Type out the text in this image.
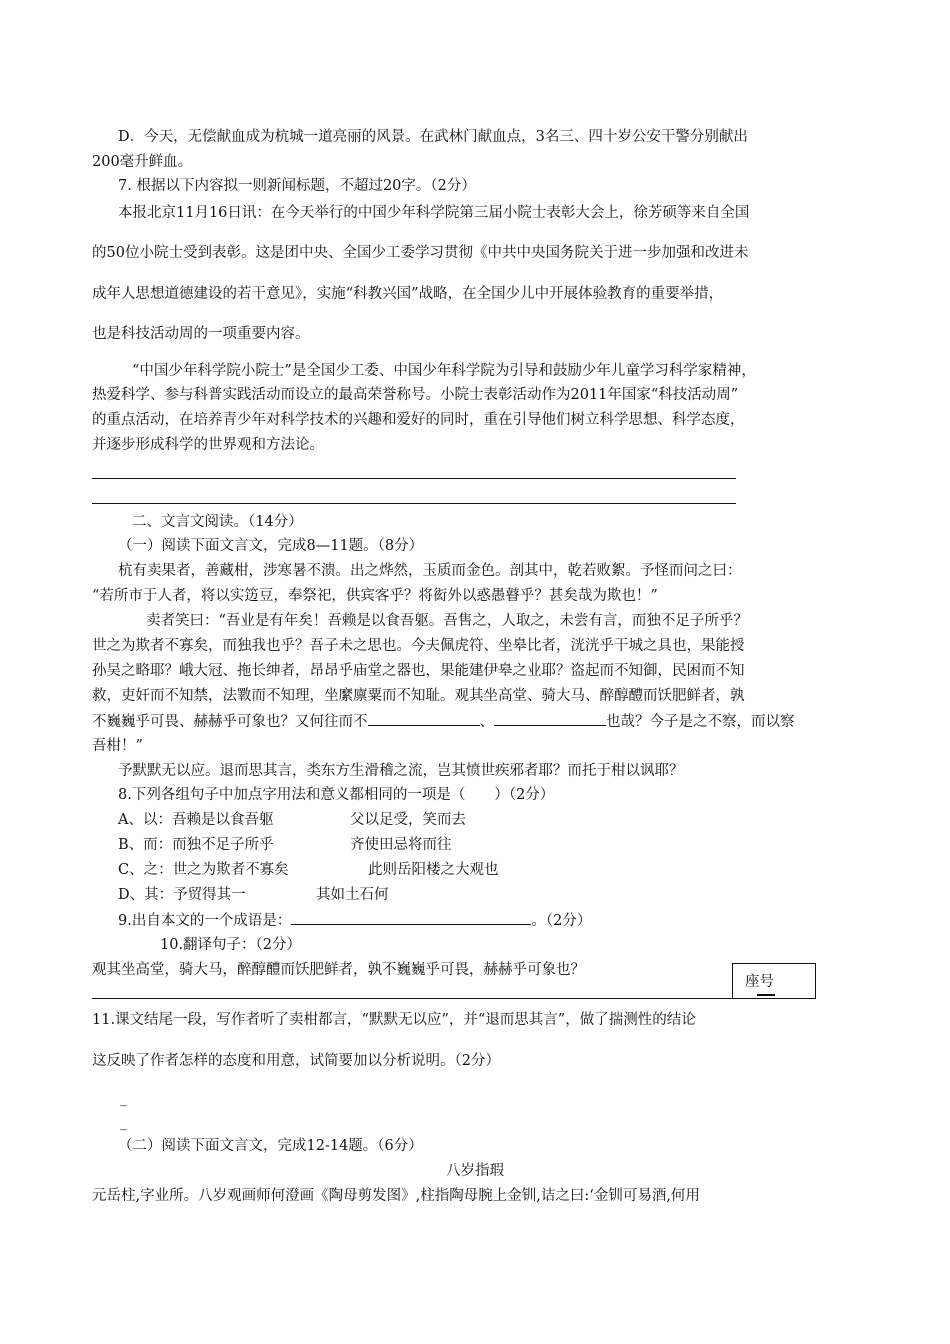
D．今天，无偿献血成为杭城一道亮丽的风景。在武林门献血点，3名三、四十岁公安干警分别献出
200毫升鲜血。
7. 根据以下内容拟一则新闻标题，不超过20字。（2分）
本报北京11月16日讯：在今天举行的中国少年科学院第三届小院士表彰大会上，徐芳硕等来自全国
的50位小院士受到表彰。这是团中央、全国少工委学习贯彻《中共中央国务院关于进一步加强和改进未
成年人思想道德建设的若干意见》，实施“科教兴国”战略，在全国少儿中开展体验教育的重要举措，
也是科技活动周的一项重要内容。
“中国少年科学院小院士”是全国少工委、中国少年科学院为引导和鼓励少年儿童学习科学家精神，
热爱科学、参与科普实践活动而设立的最高荣誉称号。小院士表彰活动作为2011年国家“科技活动周”
的重点活动，在培养青少年对科学技术的兴趣和爱好的同时，重在引导他们树立科学思想、科学态度，
并逐步形成科学的世界观和方法论。
二、文言文阅读。（14分）
（一）阅读下面文言文，完成8—11题。（8分）
杭有卖果者，善藏柑，涉寒暑不溃。出之烨然，玉质而金色。剖其中，乾若败絮。予怪而问之曰：
“若所市于人者，将以实笾豆，奉祭祀，供宾客乎？将衒外以惑愚瞽乎？甚矣哉为欺也！”
卖者笑曰：“吾业是有年矣！吾赖是以食吾躯。吾售之，人取之，未尝有言，而独不足子所乎？
世之为欺者不寡矣，而独我也乎？吾子未之思也。今夫佩虎符、坐皋比者，洸洸乎干城之具也，果能授
孙吴之略耶？峨大冠、拖长绅者，昂昂乎庙堂之器也，果能建伊皋之业耶？盗起而不知御，民困而不知
救，吏奸而不知禁，法斁而不知理，坐縻廪粟而不知耻。观其坐高堂、骑大马、醉醇醴而饫肥鲜者，孰
不巍巍乎可畏、赫赫乎可象也？又何往而不	、	也哉？今子是之不察，而以察
吾柑！”
予默默无以应。退而思其言，类东方生滑稽之流，岂其愤世疾邪者耶？而托于柑以讽耶？
8.下列各组句子中加点字用法和意义都相同的一项是（　　）（2分）
A、以：吾赖是以食吾躯	父以足受，笑而去
B、而：而独不足子所乎	齐使田忌将而往
C、之：世之为欺者不寡矣	此则岳阳楼之大观也
D、其：予贸得其一	其如土石何
9.出自本文的一个成语是：	。（2分）
10.翻译句子：（2分）
观其坐高堂，骑大马，醉醇醴而饫肥鲜者，孰不巍巍乎可畏，赫赫乎可象也？
座号
11.课文结尾一段，写作者听了卖柑都言，“默默无以应”，并“退而思其言”，做了揣测性的结论
这反映了作者怎样的态度和用意，试简要加以分析说明。（2分）
_
_
（二）阅读下面文言文，完成12-14题。（6分）
八岁指瑕
元岳柱,字业所。八岁观画师何澄画《陶母剪发图》,柱指陶母腕上金钏,诘之曰:‘金钏可易酒,何用
